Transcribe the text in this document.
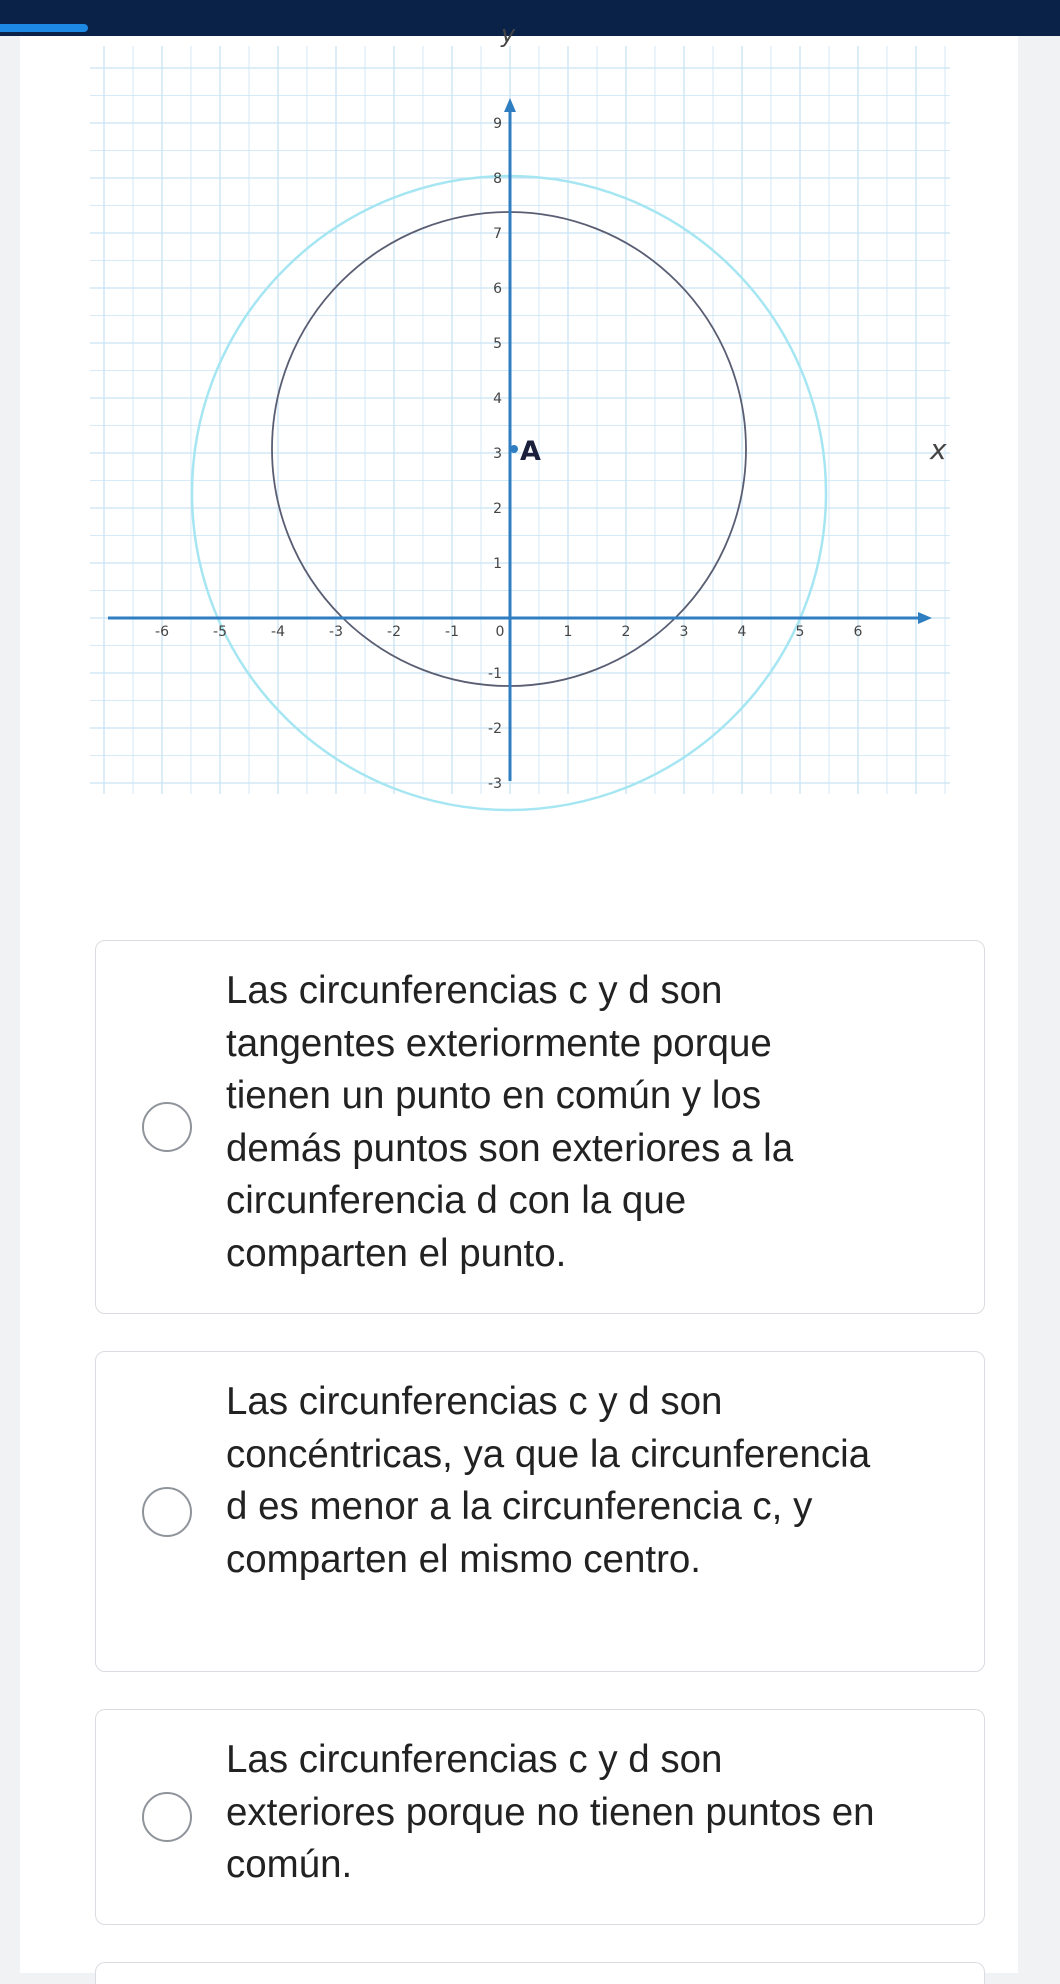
-6	-5	-4	-3	-2	-1	0	1	2	3	4	5	6
-3
-2
-1
1
2
3
4
5
6
7
8
9
x
y
A

Las circunferencias c y d son tangentes exteriormente porque tienen un punto en común y los demás puntos son exteriores a la circunferencia d con la que comparten el punto.

Las circunferencias c y d son concéntricas, ya que la circunferencia d es menor a la circunferencia c, y comparten el mismo centro.

Las circunferencias c y d son exteriores porque no tienen puntos en común.
